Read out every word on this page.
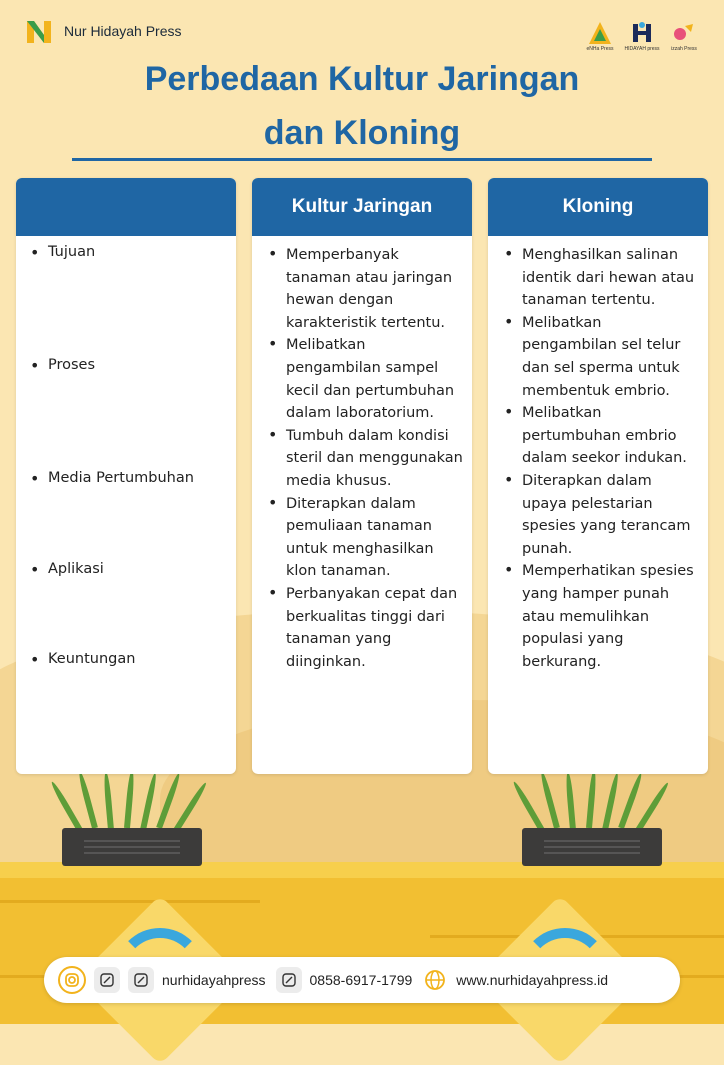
Nur Hidayah Press
eNHa Press HIDAYAH press izzah Press
Perbedaan Kultur Jaringan
dan Kloning
• Tujuan
• Proses
• Media Pertumbuhan
• Aplikasi
• Keuntungan
Kultur Jaringan
• Memperbanyak tanaman atau jaringan hewan dengan karakteristik tertentu.
• Melibatkan pengambilan sampel kecil dan pertumbuhan dalam laboratorium.
• Tumbuh dalam kondisi steril dan menggunakan media khusus.
• Diterapkan dalam pemuliaan tanaman untuk menghasilkan klon tanaman.
• Perbanyakan cepat dan berkualitas tinggi dari tanaman yang diinginkan.
Kloning
• Menghasilkan salinan identik dari hewan atau tanaman tertentu.
• Melibatkan pengambilan sel telur dan sel sperma untuk membentuk embrio.
• Melibatkan pertumbuhan embrio dalam seekor indukan.
• Diterapkan dalam upaya pelestarian spesies yang terancam punah.
• Memperhatikan spesies yang hamper punah atau memulihkan populasi yang berkurang.
nurhidayahpress	0858-6917-1799	www.nurhidayahpress.id
